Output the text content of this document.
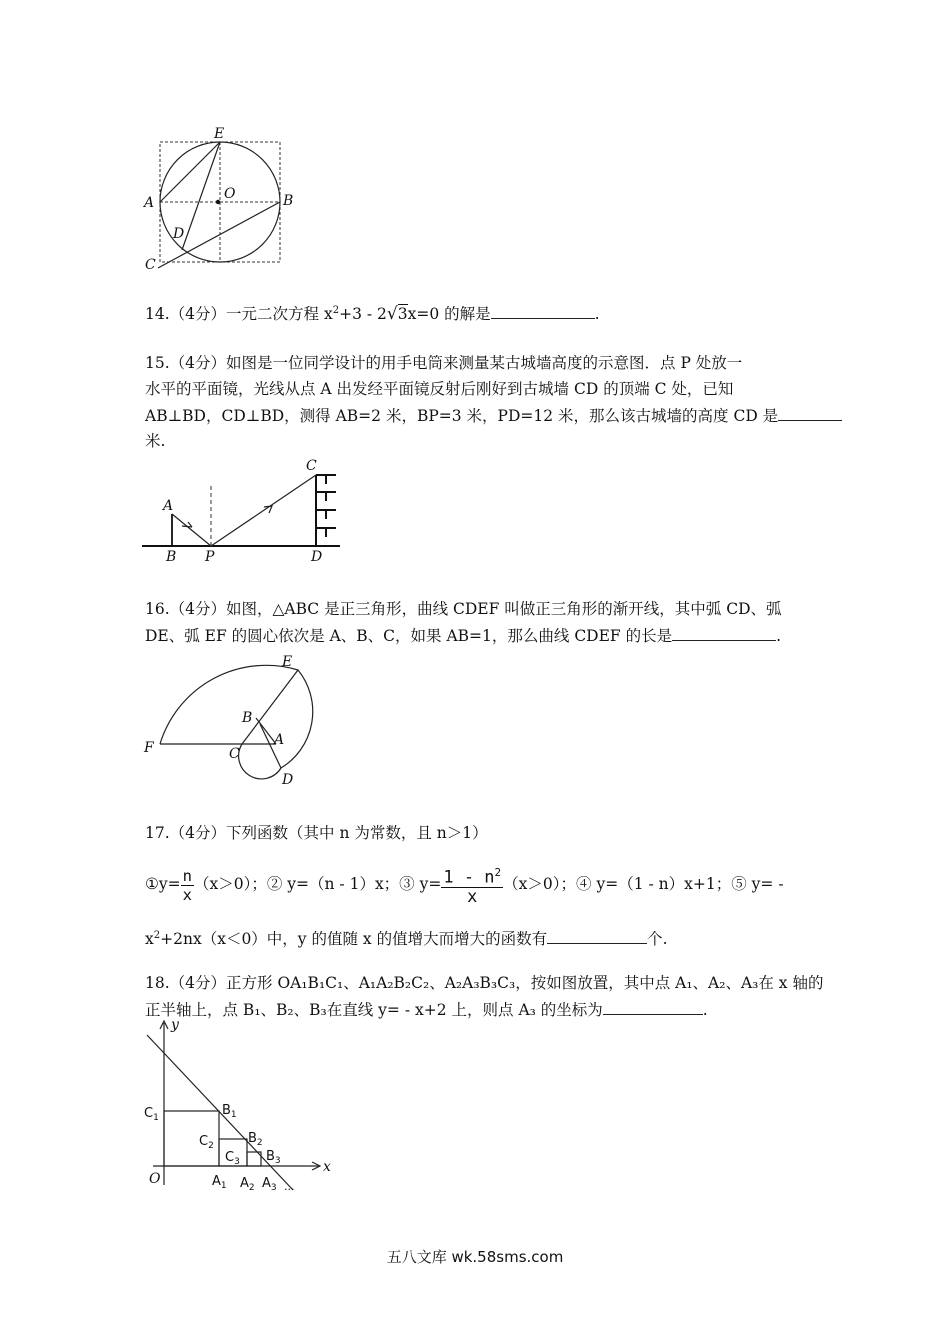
E
O
A	B
D
C
14.（4分）一元二次方程 $x^2+3 - 2√3x=0$ 的解是	.
15.（4分）如图是一位同学设计的用手电筒来测量某古城墙高度的示意图．点 P 处放一
水平的平面镜，光线从点 A 出发经平面镜反射后刚好到古城墙 CD 的顶端 C 处，已知
AB⊥BD，CD⊥BD，测得 AB=2 米，BP=3 米，PD=12 米，那么该古城墙的高度 CD 是
米.
A
B P
C
D
16.（4分）如图，△ABC 是正三角形，曲线 CDEF 叫做正三角形的渐开线，其中弧 CD、弧
DE、弧 EF 的圆心依次是 A、B、C，如果 AB=1，那么曲线 CDEF 的长是	.
E
B
A
F	C
D
17.（4分）下列函数（其中 n 为常数，且 n＞1）
①y= $\frac{n}{x} (x>0)$；② y=（n - 1）x；③ $y= \frac{1 - n^2}{x} (x>0)$；④ y=（1 - n）x+1；⑤ y= -
$x^2+2nx(x<0)$中，y 的值随 x 的值增大而增大的函数有	个.
18.（4分）正方形 OA₁B₁C₁、A₁A₂B₂C₂、A₂A₃B₃C₃，按如图放置，其中点 A₁、A₂、A₃在 x 轴的
正半轴上，点 B₁、B₂、B₃在直线 y= - x+2 上，则点 A₃ 的坐标为	.
y
x
O
$C_1$	$B_1$
$C_2$	$B_2$
$C_3$ $B_3$
$A_1$ $A_2$ $A_3$ ...
五八文库 wk.58sms.com
